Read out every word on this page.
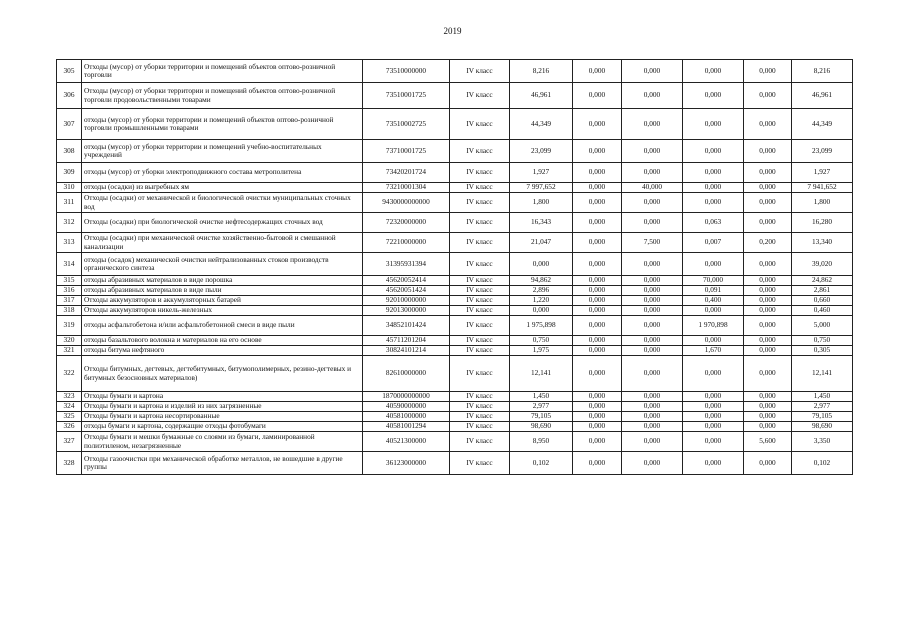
2019
305	Отходы (мусор) от уборки территории и помещений объектов оптово-розничной торговли	73510000000	IV класс	8,216	0,000	0,000	0,000	0,000	8,216
306	Отходы (мусор) от уборки территории и помещений объектов оптово-розничной торговли продовольственными товарами	73510001725	IV класс	46,961	0,000	0,000	0,000	0,000	46,961
307	отходы (мусор) от уборки территории и помещений объектов оптово-розничной торговли промышленными товарами	73510002725	IV класс	44,349	0,000	0,000	0,000	0,000	44,349
308	отходы (мусор) от уборки территории и помещений учебно-воспитательных учреждений	73710001725	IV класс	23,099	0,000	0,000	0,000	0,000	23,099
309	отходы (мусор) от уборки электроподвижного состава метрополитена	73420201724	IV класс	1,927	0,000	0,000	0,000	0,000	1,927
310	отходы (осадки) из выгребных ям	73210001304	IV класс	7 997,652	0,000	40,000	0,000	0,000	7 941,652
311	Отходы (осадки) от механической и биологической очистки муниципальных сточных вод	9430000000000	IV класс	1,800	0,000	0,000	0,000	0,000	1,800
312	Отходы (осадки) при биологической очистке нефтесодержащих сточных вод	72320000000	IV класс	16,343	0,000	0,000	0,063	0,000	16,280
313	Отходы (осадки) при механической очистке хозяйственно-бытовой и смешанной канализации	72210000000	IV класс	21,047	0,000	7,500	0,007	0,200	13,340
314	отходы (осадок) механической очистки нейтрализованных стоков производств органического синтеза	31395931394	IV класс	0,000	0,000	0,000	0,000	0,000	39,020
315	отходы абразивных материалов в виде порошка	45620052414	IV класс	94,862	0,000	0,000	70,000	0,000	24,862
316	отходы абразивных материалов в виде пыли	45620051424	IV класс	2,896	0,000	0,000	0,091	0,000	2,861
317	Отходы аккумуляторов и аккумуляторных батарей	92010000000	IV класс	1,220	0,000	0,000	0,400	0,000	0,660
318	Отходы аккумуляторов никель-железных	92013000000	IV класс	0,000	0,000	0,000	0,000	0,000	0,460
319	отходы асфальтобетона и/или асфальтобетонной смеси в виде пыли	34852101424	IV класс	1 975,898	0,000	0,000	1 970,898	0,000	5,000
320	отходы базальтового волокна и материалов на его основе	45711201204	IV класс	0,750	0,000	0,000	0,000	0,000	0,750
321	отходы битума нефтяного	30824101214	IV класс	1,975	0,000	0,000	1,670	0,000	0,305
322	Отходы битумных, дегтевых, дегтебитумных, битумополимерных, резино-дегтевых и битумных безосновных материалов)	82610000000	IV класс	12,141	0,000	0,000	0,000	0,000	12,141
323	Отходы бумаги и картона	1870000000000	IV класс	1,450	0,000	0,000	0,000	0,000	1,450
324	Отходы бумаги и картона и изделий из них загрязненные	40590000000	IV класс	2,977	0,000	0,000	0,000	0,000	2,977
325	Отходы бумаги и картона несортированные	40581000000	IV класс	79,105	0,000	0,000	0,000	0,000	79,105
326	отходы бумаги и картона, содержащие отходы фотобумаги	40581001294	IV класс	98,690	0,000	0,000	0,000	0,000	98,690
327	Отходы бумаги и мешки бумажные со слоями из бумаги, ламинированной полиэтиленом, незагрязненные	40521300000	IV класс	8,950	0,000	0,000	0,000	5,600	3,350
328	Отходы газоочистки при механической обработке металлов, не вошедшие в другие группы	36123000000	IV класс	0,102	0,000	0,000	0,000	0,000	0,102
